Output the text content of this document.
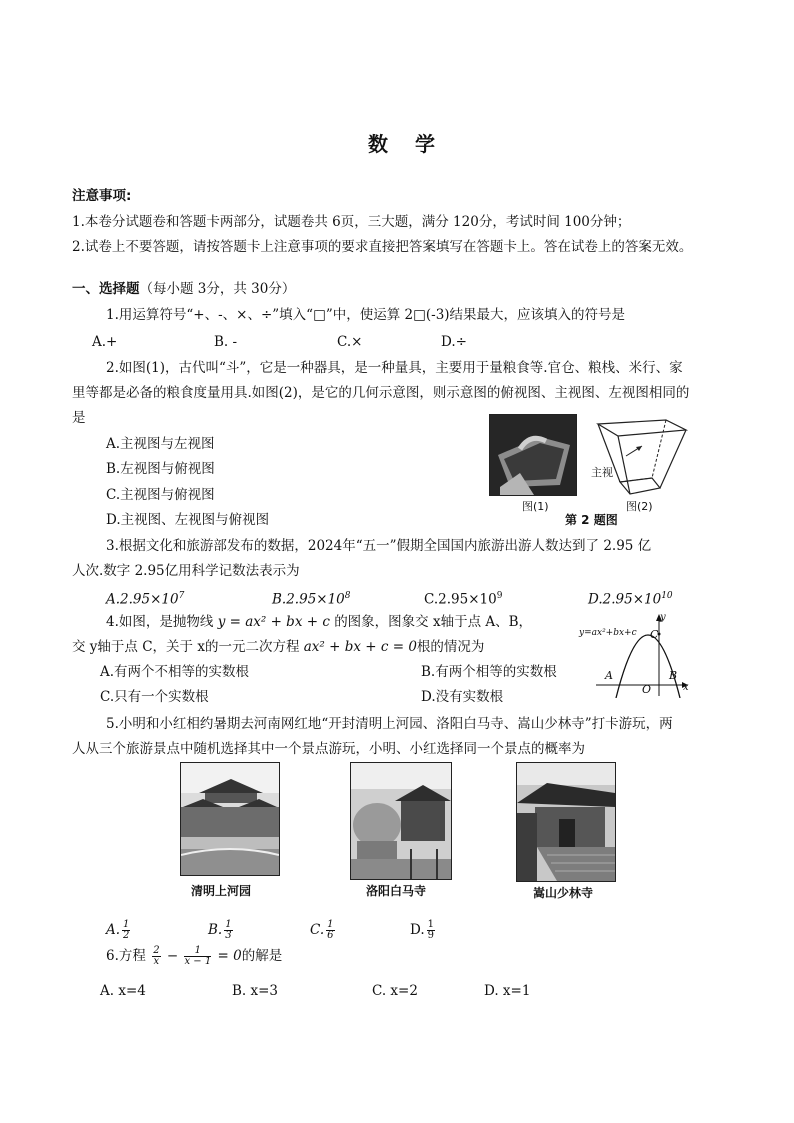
数 学
注意事项:
1.本卷分试题卷和答题卡两部分，试题卷共 6页，三大题，满分 120分，考试时间 100分钟；
2.试卷上不要答题，请按答题卡上注意事项的要求直接把答案填写在答题卡上。答在试卷上的答案无效。
一、选择题（每小题 3分，共 30分）
1.用运算符号“+、-、×、÷”填入“□”中，使运算 2□(-3)结果最大，应该填入的符号是
A.+	B. -	C.×	D.÷
2.如图(1)，古代叫“斗”，它是一种器具，是一种量具，主要用于量粮食等.官仓、粮栈、米行、家
里等都是必备的粮食度量用具.如图(2)，是它的几何示意图，则示意图的俯视图、主视图、左视图相同的
是
A.主视图与左视图
B.左视图与俯视图
C.主视图与俯视图
D.主视图、左视图与俯视图
图(1)
主视
图(2)
第 2 题图
3.根据文化和旅游部发布的数据，2024年“五一”假期全国国内旅游出游人数达到了 2.95 亿
人次.数字 2.95亿用科学记数法表示为
$A.2.95\times 10^7$	$B.2.95\times 10^8$	$C.2.95\times 10^9$	$D.2.95\times 10^{10}$
4.如图，是抛物线 y = ax² + bx + c 的图象，图象交 x轴于点 A、B，
交 y轴于点 C，关于 x的一元二次方程 ax² + bx + c = 0根的情况为
A.有两个不相等的实数根	B.有两个相等的实数根
C.只有一个实数根	D.没有实数根
y=ax²+bx+c
y
x
A	B
C
O
5.小明和小红相约暑期去河南网红地“开封清明上河园、洛阳白马寺、嵩山少林寺”打卡游玩，两
人从三个旅游景点中随机选择其中一个景点游玩，小明、小红选择同一个景点的概率为
清明上河园	洛阳白马寺	嵩山少林寺
A. $\frac{1}{2}$	B. $\frac{1}{3}$	C. $\frac{1}{6}$	D. $\frac{1}{9}$
6.方程 $\frac{2}{x} - \frac{1}{x - 1} = 0$的解是
A. x=4	B. x=3	C. x=2	D. x=1
